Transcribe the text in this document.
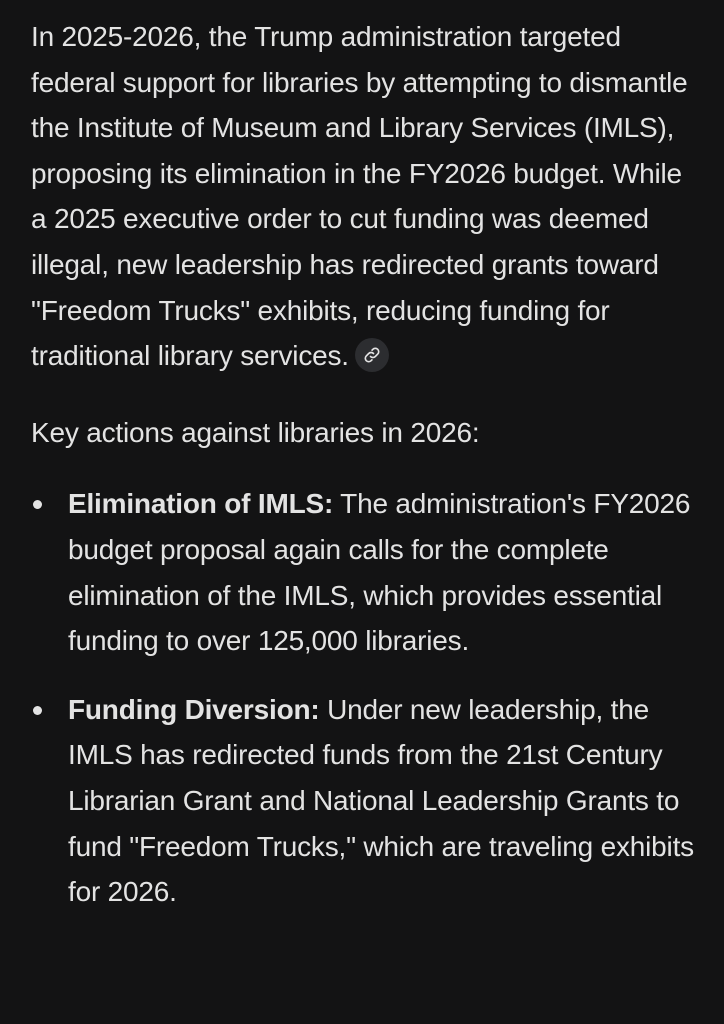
In 2025-2026, the Trump administration targeted federal support for libraries by attempting to dismantle the Institute of Museum and Library Services (IMLS), proposing its elimination in the FY2026 budget. While a 2025 executive order to cut funding was deemed illegal, new leadership has redirected grants toward "Freedom Trucks" exhibits, reducing funding for traditional library services.

Key actions against libraries in 2026:

Elimination of IMLS: The administration's FY2026 budget proposal again calls for the complete elimination of the IMLS, which provides essential funding to over 125,000 libraries.
Funding Diversion: Under new leadership, the IMLS has redirected funds from the 21st Century Librarian Grant and National Leadership Grants to fund "Freedom Trucks," which are traveling exhibits for 2026.
